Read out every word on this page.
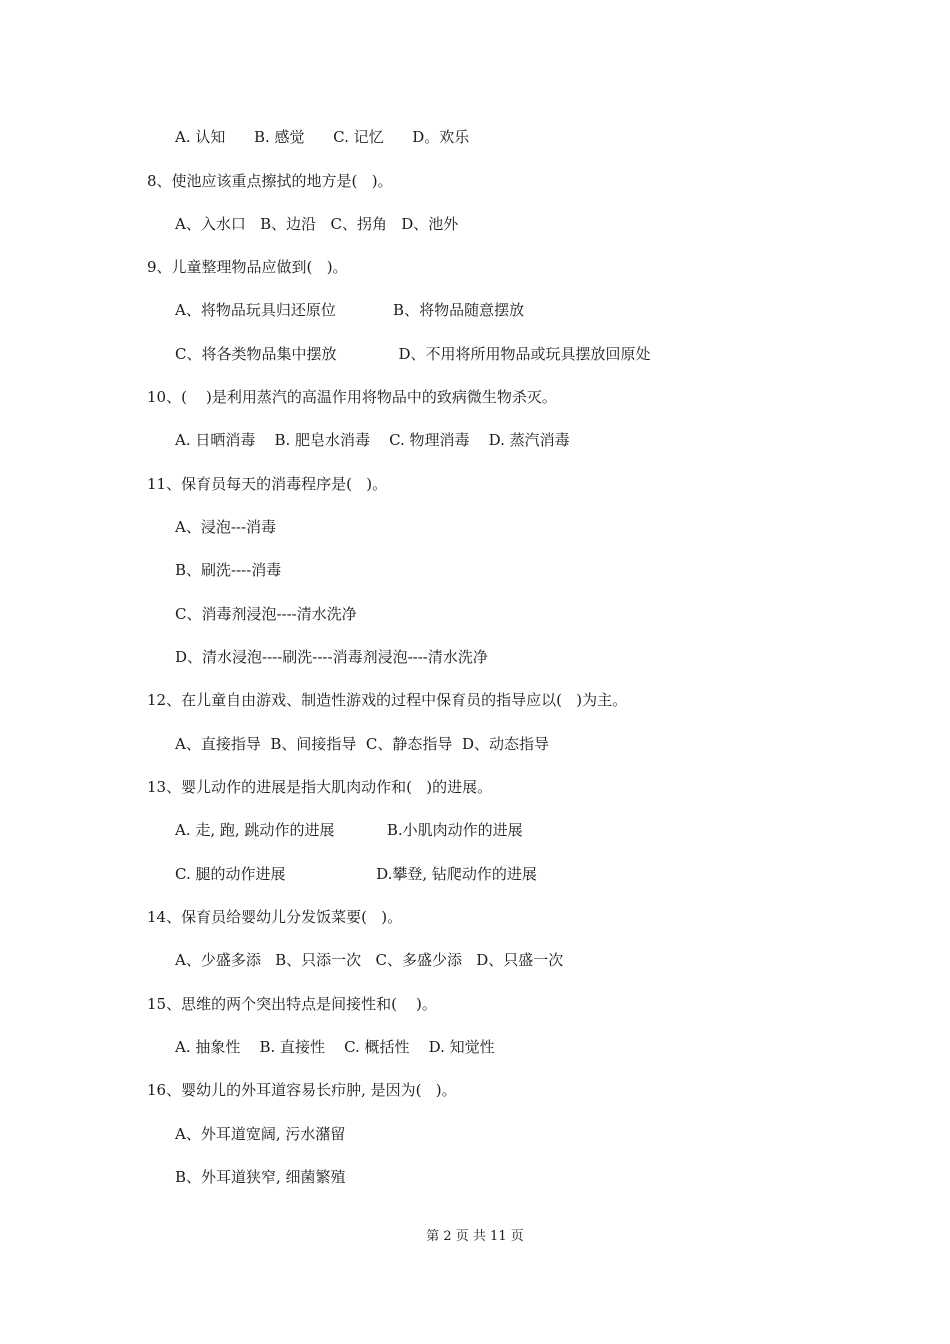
A. 认知      B. 感觉      C. 记忆      D。欢乐
8、使池应该重点擦拭的地方是(   )。
A、入水口   B、边沿   C、拐角   D、池外
9、儿童整理物品应做到(   )。
A、将物品玩具归还原位            B、将物品随意摆放
C、将各类物品集中摆放             D、不用将所用物品或玩具摆放回原处
10、(    )是利用蒸汽的高温作用将物品中的致病微生物杀灭。
A. 日晒消毒    B. 肥皂水消毒    C. 物理消毒    D. 蒸汽消毒
11、保育员每天的消毒程序是(   )。
A、浸泡---消毒
B、刷洗----消毒
C、消毒剂浸泡----清水洗净
D、清水浸泡----刷洗----消毒剂浸泡----清水洗净
12、在儿童自由游戏、制造性游戏的过程中保育员的指导应以(   )为主。
A、直接指导  B、间接指导  C、静态指导  D、动态指导
13、婴儿动作的进展是指大肌肉动作和(   )的进展。
A. 走, 跑, 跳动作的进展           B.小肌肉动作的进展
C. 腿的动作进展                   D.攀登, 钻爬动作的进展
14、保育员给婴幼儿分发饭菜要(   )。
A、少盛多添   B、只添一次   C、多盛少添   D、只盛一次
15、思维的两个突出特点是间接性和(    )。
A. 抽象性    B. 直接性    C. 概括性    D. 知觉性
16、婴幼儿的外耳道容易长疖肿, 是因为(   )。
A、外耳道宽阔, 污水潴留
B、外耳道狭窄, 细菌繁殖
第 2 页 共 11 页
